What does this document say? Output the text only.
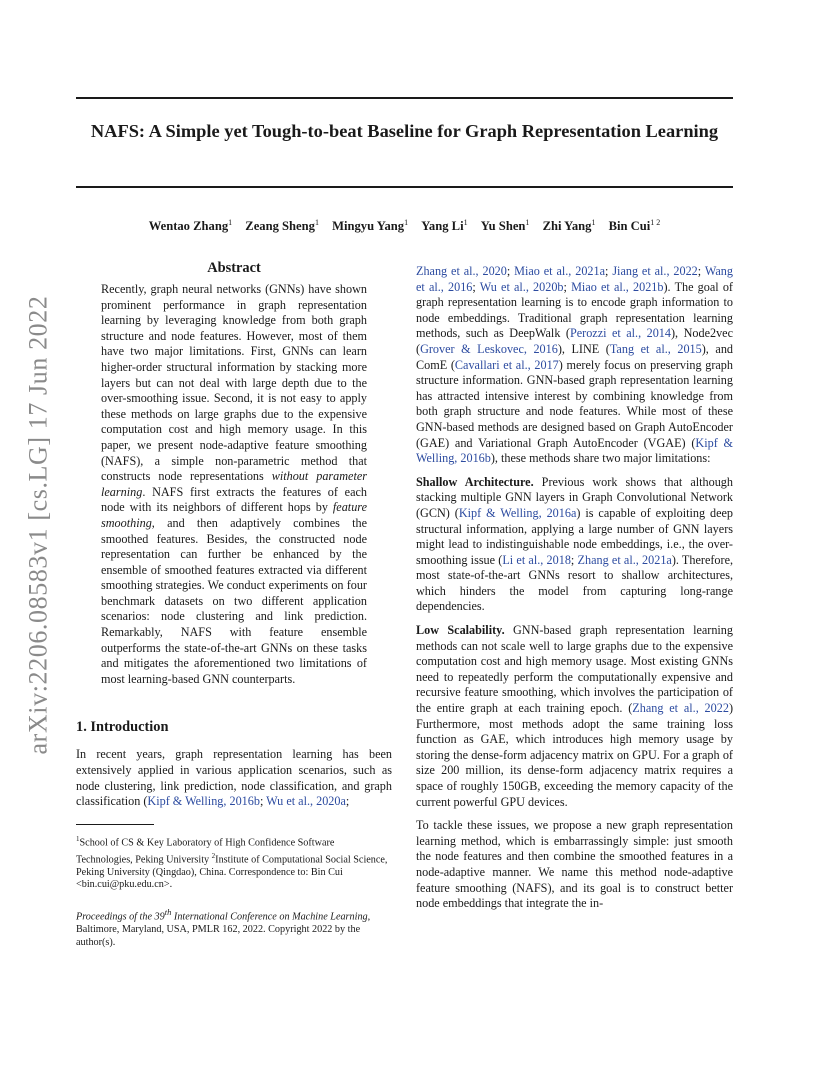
NAFS: A Simple yet Tough-to-beat Baseline for Graph Representation Learning
Wentao Zhang$^1$ Zeang Sheng$^1$ Mingyu Yang$^1$ Yang Li$^1$ Yu Shen$^1$ Zhi Yang$^1$ Bin Cui$^{1 2}$
arXiv:2206.08583v1 [cs.LG] 17 Jun 2022
Abstract

Recently, graph neural networks (GNNs) have shown prominent performance in graph representation learning by leveraging knowledge from both graph structure and node features. However, most of them have two major limitations. First, GNNs can learn higher-order structural information by stacking more layers but can not deal with large depth due to the over-smoothing issue. Second, it is not easy to apply these methods on large graphs due to the expensive computation cost and high memory usage. In this paper, we present node-adaptive feature smoothing (NAFS), a simple non-parametric method that constructs node representations without parameter learning. NAFS first extracts the features of each node with its neighbors of different hops by feature smoothing, and then adaptively combines the smoothed features. Besides, the constructed node representation can further be enhanced by the ensemble of smoothed features extracted via different smoothing strategies. We conduct experiments on four benchmark datasets on two different application scenarios: node clustering and link prediction. Remarkably, NAFS with feature ensemble outperforms the state-of-the-art GNNs on these tasks and mitigates the aforementioned two limitations of most learning-based GNN counterparts.

1. Introduction

In recent years, graph representation learning has been extensively applied in various application scenarios, such as node clustering, link prediction, node classification, and graph classification (Kipf & Welling, 2016b; Wu et al., 2020a;

$^1$School of CS & Key Laboratory of High Confidence Software Technologies, Peking University $^2$Institute of Computational Social Science, Peking University (Qingdao), China. Correspondence to: Bin Cui <bin.cui@pku.edu.cn>.

Proceedings of the 39th International Conference on Machine Learning, Baltimore, Maryland, USA, PMLR 162, 2022. Copyright 2022 by the author(s).

Zhang et al., 2020; Miao et al., 2021a; Jiang et al., 2022; Wang et al., 2016; Wu et al., 2020b; Miao et al., 2021b). The goal of graph representation learning is to encode graph information to node embeddings. Traditional graph representation learning methods, such as DeepWalk (Perozzi et al., 2014), Node2vec (Grover & Leskovec, 2016), LINE (Tang et al., 2015), and ComE (Cavallari et al., 2017) merely focus on preserving graph structure information. GNN-based graph representation learning has attracted intensive interest by combining knowledge from both graph structure and node features. While most of these GNN-based methods are designed based on Graph AutoEncoder (GAE) and Variational Graph AutoEncoder (VGAE) (Kipf & Welling, 2016b), these methods share two major limitations:

Shallow Architecture. Previous work shows that although stacking multiple GNN layers in Graph Convolutional Network (GCN) (Kipf & Welling, 2016a) is capable of exploiting deep structural information, applying a large number of GNN layers might lead to indistinguishable node embeddings, i.e., the over-smoothing issue (Li et al., 2018; Zhang et al., 2021a). Therefore, most state-of-the-art GNNs resort to shallow architectures, which hinders the model from capturing long-range dependencies.

Low Scalability. GNN-based graph representation learning methods can not scale well to large graphs due to the expensive computation cost and high memory usage. Most existing GNNs need to repeatedly perform the computationally expensive and recursive feature smoothing, which involves the participation of the entire graph at each training epoch. (Zhang et al., 2022) Furthermore, most methods adopt the same training loss function as GAE, which introduces high memory usage by storing the dense-form adjacency matrix on GPU. For a graph of size 200 million, its dense-form adjacency matrix requires a space of roughly 150GB, exceeding the memory capacity of the current powerful GPU devices.

To tackle these issues, we propose a new graph representation learning method, which is embarrassingly simple: just smooth the node features and then combine the smoothed features in a node-adaptive manner. We name this method node-adaptive feature smoothing (NAFS), and its goal is to construct better node embeddings that integrate the in-
